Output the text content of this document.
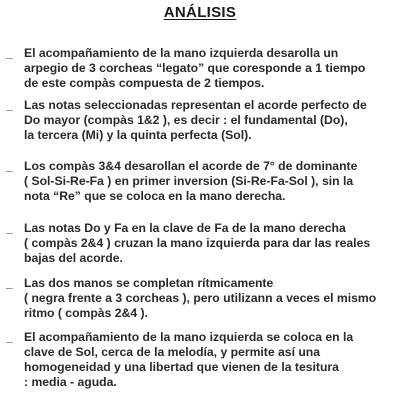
ANÁLISIS
_ El acompañamiento de la mano izquierda desarolla un
arpegio de 3 corcheas “legato” que coresponde a 1 tiempo
de este compàs compuesta de 2 tiempos.
_ Las notas seleccionadas representan el acorde perfecto de
Do mayor (compàs 1&2 ), es decir : el fundamental (Do),
la tercera (Mi) y la quinta perfecta (Sol).
_ Los compàs 3&4 desarollan el acorde de 7° de dominante
( Sol-Si-Re-Fa ) en primer inversion (Si-Re-Fa-Sol ), sin la
nota “Re” que se coloca en la mano derecha.
_ Las notas Do y Fa en la clave de Fa de la mano derecha
( compàs 2&4 ) cruzan la mano izquierda para dar las reales
bajas del acorde.
_ Las dos manos se completan rítmicamente
( negra frente a 3 corcheas ), pero utilizann a veces el mismo
ritmo ( compàs 2&4 ).
_ El acompañamiento de la mano izquierda se coloca en la
clave de Sol, cerca de la melodía, y permite así una
homogeneidad y una libertad que vienen de la tesitura
: media - aguda.
